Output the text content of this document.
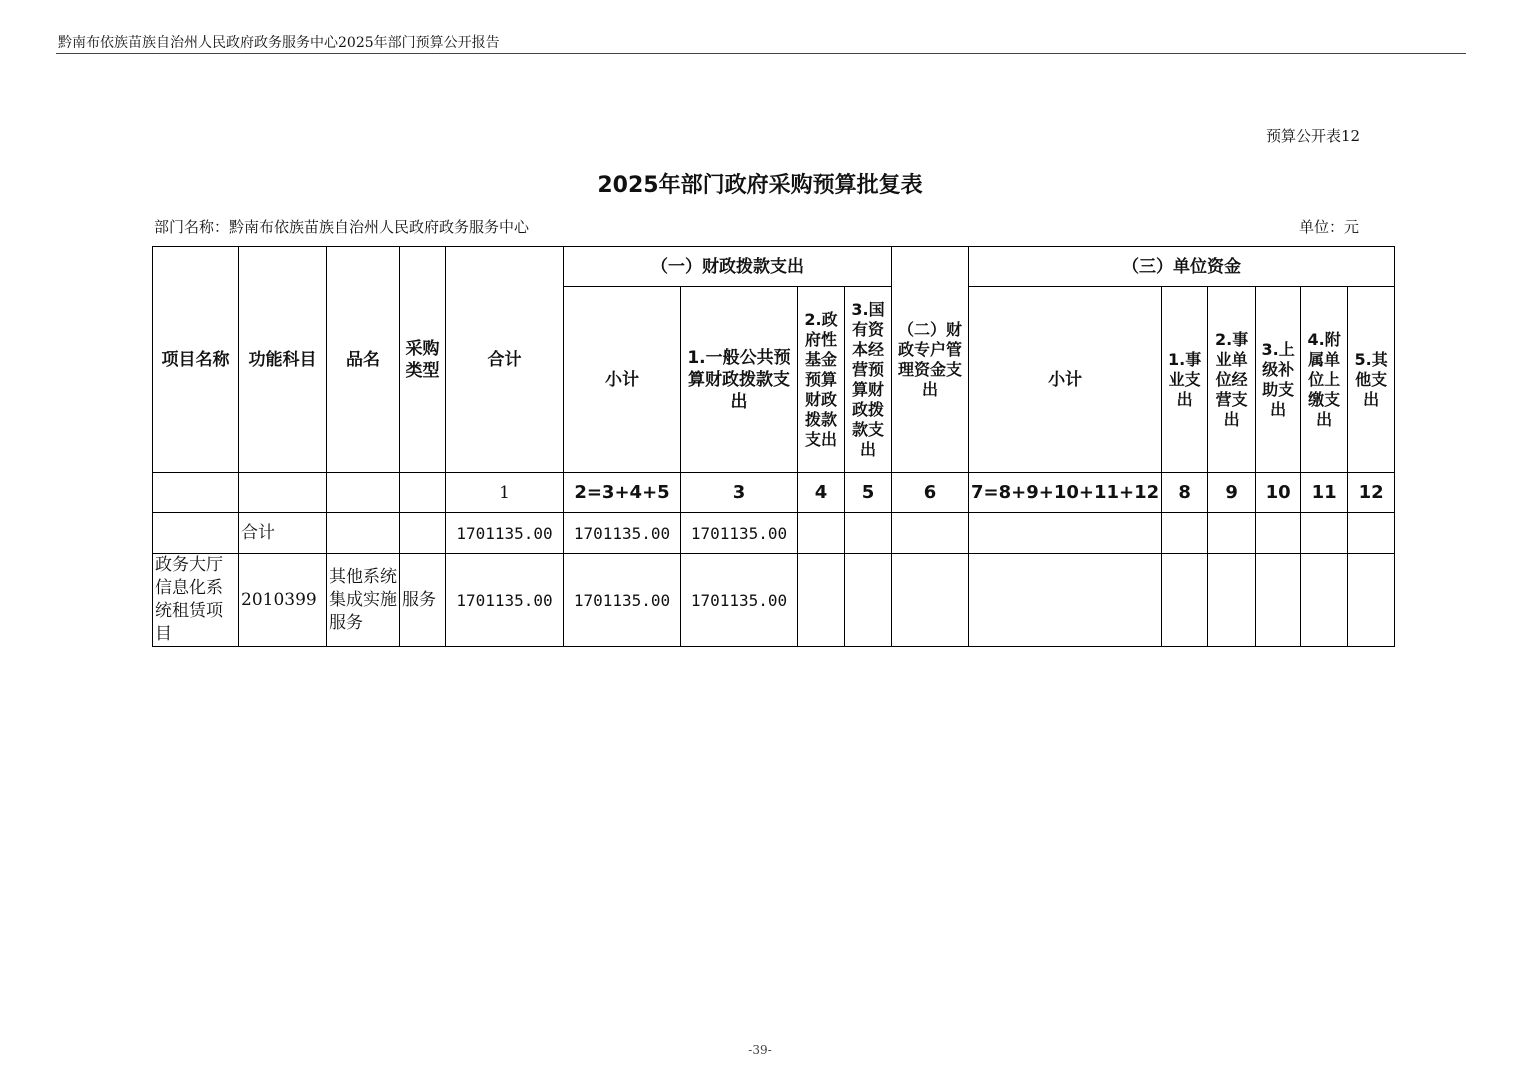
黔南布依族苗族自治州人民政府政务服务中心2025年部门预算公开报告
预算公开表12
2025年部门政府采购预算批复表
部门名称：黔南布依族苗族自治州人民政府政务服务中心	单位：元
项目名称	功能科目	品名	采购类型	合计	（一）财政拨款支出				（二）财政专户管理资金支出	（三）单位资金					
					小计	1.一般公共预算财政拨款支出	2.政府性基金预算财政拨款支出	3.国有资本经营预算财政拨款支出		小计	1.事业支出	2.事业单位经营支出	3.上级补助支出	4.附属单位上缴支出	5.其他支出
				1	2=3+4+5	3	4	5	6	7=8+9+10+11+12	8	9	10	11	12
	合计			1701135.00	1701135.00	1701135.00									
政务大厅信息化系统租赁项目	2010399	其他系统集成实施服务	服务	1701135.00	1701135.00	1701135.00									
-39-
